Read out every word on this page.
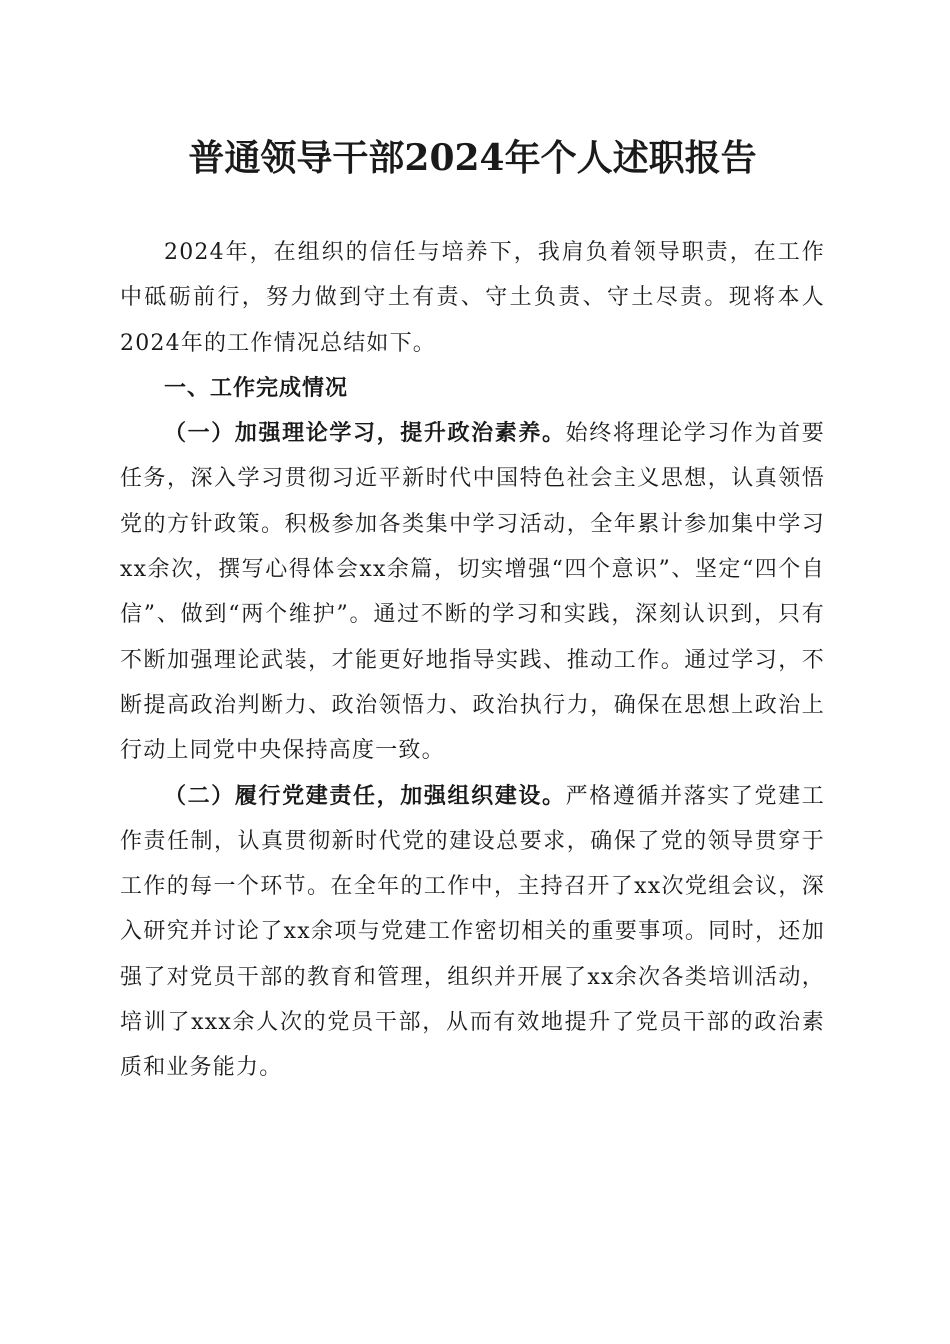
普通领导干部2024年个人述职报告

2024年，在组织的信任与培养下，我肩负着领导职责，在工作中砥砺前行，努力做到守土有责、守土负责、守土尽责。现将本人2024年的工作情况总结如下。

一、工作完成情况

（一）加强理论学习，提升政治素养。始终将理论学习作为首要任务，深入学习贯彻习近平新时代中国特色社会主义思想，认真领悟党的方针政策。积极参加各类集中学习活动，全年累计参加集中学习xx余次，撰写心得体会xx余篇，切实增强“四个意识”、坚定“四个自信”、做到“两个维护”。通过不断的学习和实践，深刻认识到，只有不断加强理论武装，才能更好地指导实践、推动工作。通过学习，不断提高政治判断力、政治领悟力、政治执行力，确保在思想上政治上行动上同党中央保持高度一致。

（二）履行党建责任，加强组织建设。严格遵循并落实了党建工作责任制，认真贯彻新时代党的建设总要求，确保了党的领导贯穿于工作的每一个环节。在全年的工作中，主持召开了xx次党组会议，深入研究并讨论了xx余项与党建工作密切相关的重要事项。同时，还加强了对党员干部的教育和管理，组织并开展了xx余次各类培训活动，培训了xxx余人次的党员干部，从而有效地提升了党员干部的政治素质和业务能力。
